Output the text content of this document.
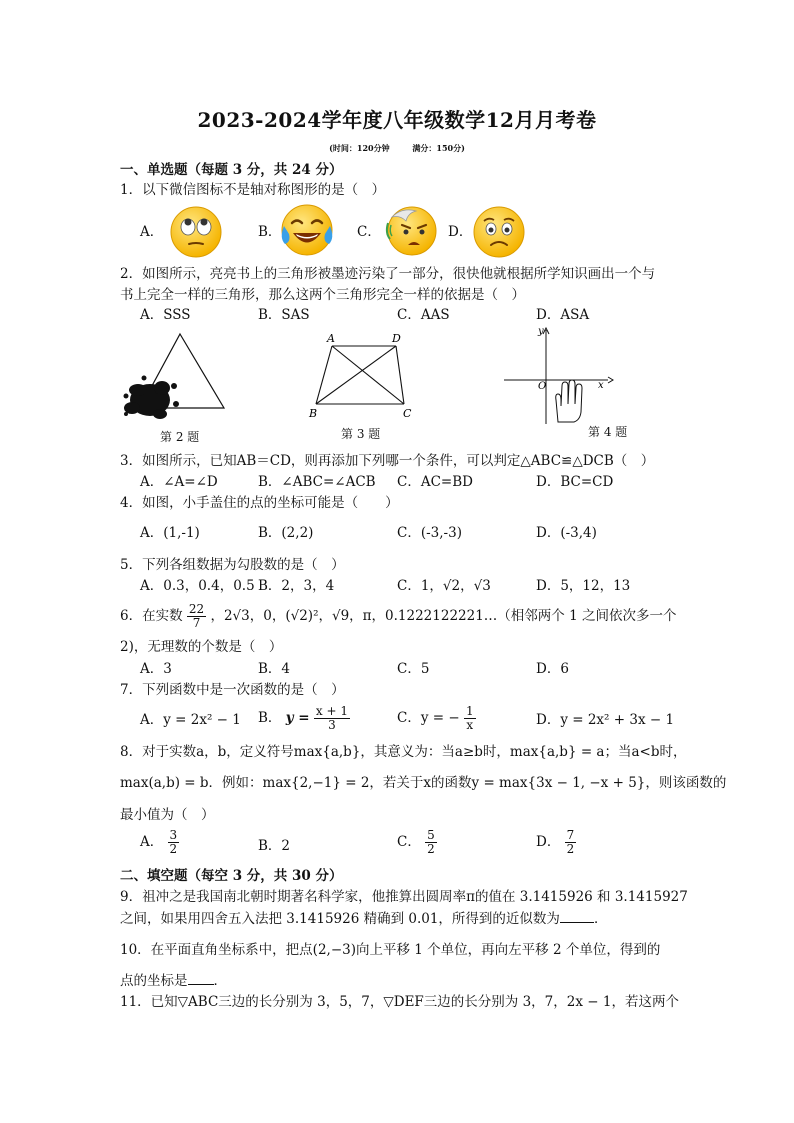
2023-2024学年度八年级数学12月月考卷
(时间：120分钟	满分：150分)
一、单选题（每题 3 分，共 24 分）
1．以下微信图标不是轴对称图形的是（　）
A．	B．	C．	D．
2．如图所示，亮亮书上的三角形被墨迹污染了一部分，很快他就根据所学知识画出一个与
书上完全一样的三角形，那么这两个三角形完全一样的依据是（　）
A．SSS	B．SAS	C．AAS	D．ASA
第 2 题
A	D
B	C
第 3 题
y
O	x
第 4 题
3．如图所示，已知AB＝CD，则再添加下列哪一个条件，可以判定△ABC≌△DCB（　）
A．∠A=∠D	B．∠ABC=∠ACB C．AC=BD	D．BC=CD
4．如图，小手盖住的点的坐标可能是（　　）
A．(1,-1)	B．(2,2)	C．(-3,-3)	D．(-3,4)
5．下列各组数据为勾股数的是（　）
A．0.3，0.4，0.5 B．2，3，4	C．1，√2，√3	D．5，12，13
6．在实数 $\frac{22}{7}$ ，2√3，0，(√2)²，√9，π，0.1222122221…（相邻两个 1 之间依次多一个
2)，无理数的个数是（　）
A．3	B．4	C．5	D．6
7．下列函数中是一次函数的是（　）
A．y = 2x² − 1 B． $y = \frac{x + 1}{3}$	C．y = − $\frac{1}{x}$	D．y = 2x² + 3x − 1
8．对于实数a，b，定义符号max{a,b}，其意义为：当a≥b时，max{a,b} = a；当a<b时，
max(a,b) = b．例如：max{2,−1} = 2，若关于x的函数y = max{3x − 1, −x + 5}，则该函数的
最小值为（　）
A． $\frac{3}{2}$	B．2	C． $\frac{5}{2}$	D． $\frac{7}{2}$
二、填空题（每空 3 分，共 30 分）
9．祖冲之是我国南北朝时期著名科学家，他推算出圆周率π的值在 3.1415926 和 3.1415927
之间，如果用四舍五入法把 3.1415926 精确到 0.01，所得到的近似数为	．
10．在平面直角坐标系中，把点(2,−3)向上平移 1 个单位，再向左平移 2 个单位，得到的
点的坐标是 ．
11．已知▽ABC三边的长分别为 3，5，7，▽DEF三边的长分别为 3，7，2x − 1，若这两个
